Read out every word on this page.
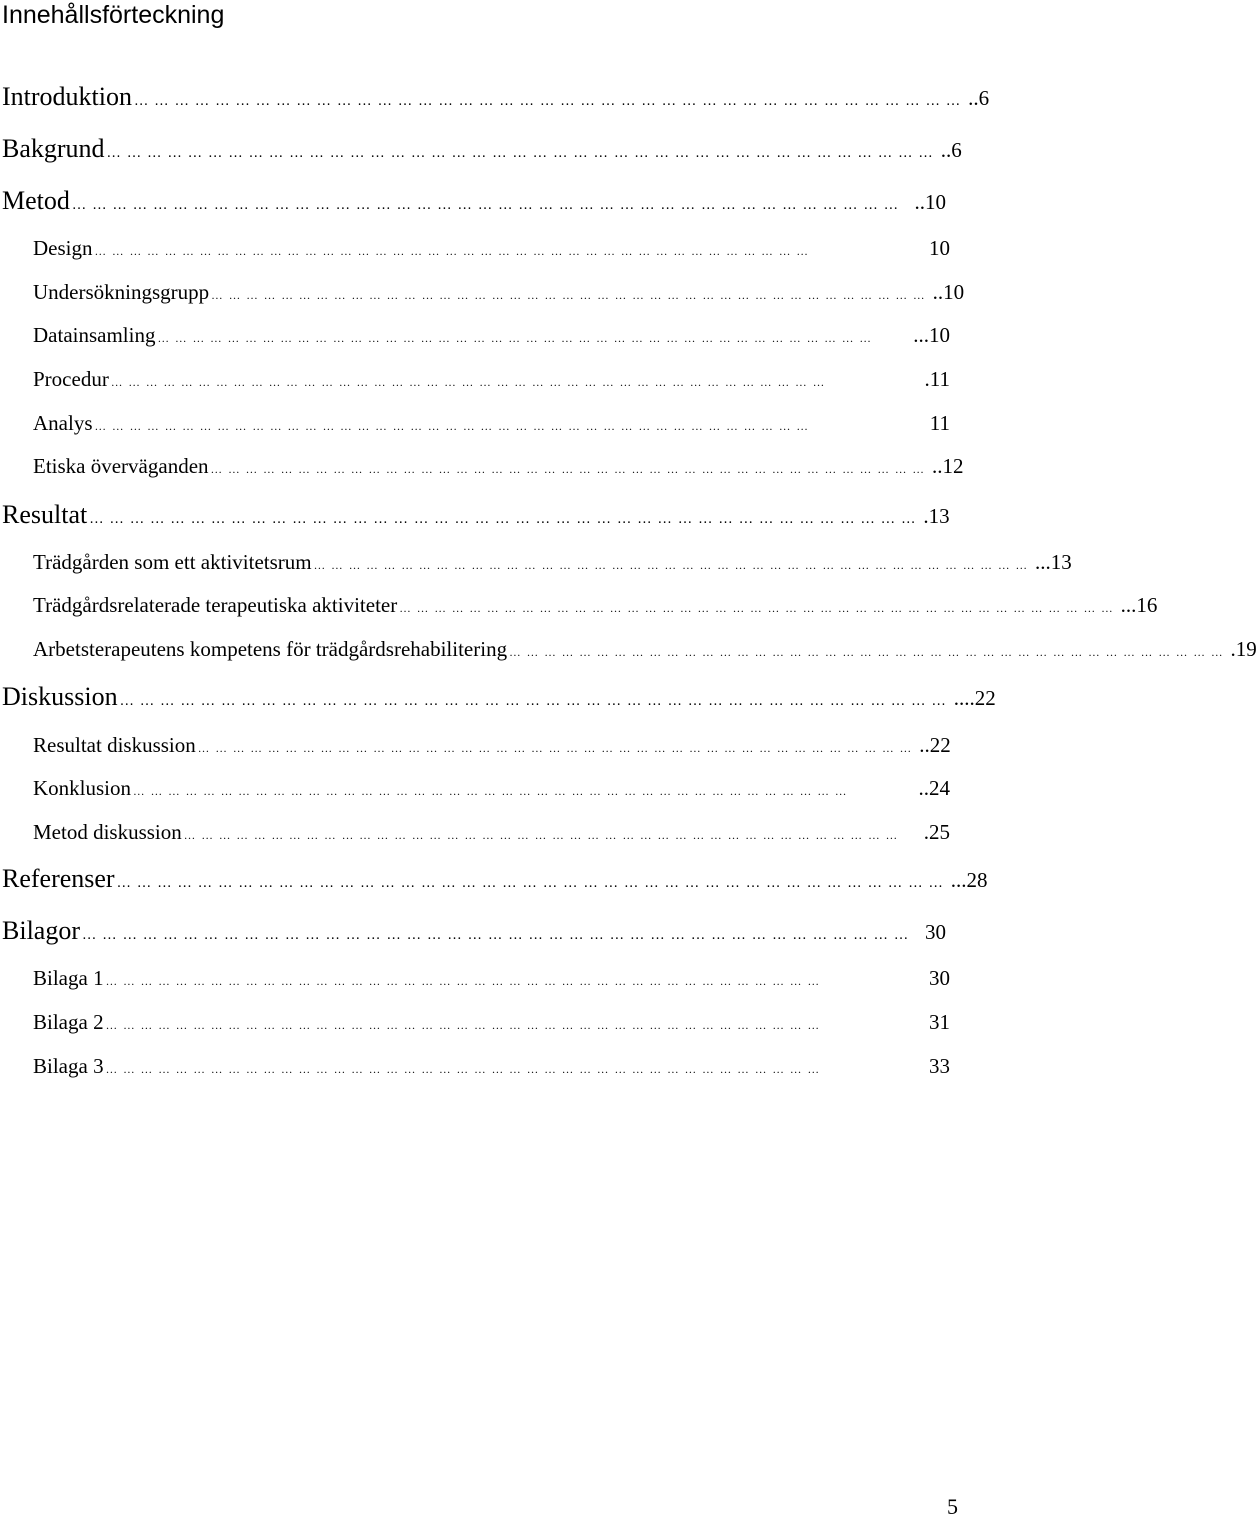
Innehållsförteckning
Introduktion …………………………………………………………………………………………………………… ..6
Bakgrund …………………………………………………………………………………………………………… ..6
Metod …………………………………………………………………………………………………………… ..10
Design ……………………………………………………………………………………………………………	10
Undersökningsgrupp …………………………………………………………………………………………………………… ..10
Datainsamling ……………………………………………………………………………………………………………	...10
Procedur ……………………………………………………………………………………………………………	.11
Analys ……………………………………………………………………………………………………………	11
Etiska överväganden …………………………………………………………………………………………………………… ..12
Resultat …………………………………………………………………………………………………………… .13
Trädgården som ett aktivitetsrum …………………………………………………………………………………………………………… ...13
Trädgårdsrelaterade terapeutiska aktiviteter …………………………………………………………………………………………………………… ...16
Arbetsterapeutens kompetens för trädgårdsrehabilitering …………………………………………………………………………………………………………… .19
Diskussion …………………………………………………………………………………………………………… ....22
Resultat diskussion …………………………………………………………………………………………………………… ..22
Konklusion ……………………………………………………………………………………………………………	..24
Metod diskussion …………………………………………………………………………………………………………… .25
Referenser …………………………………………………………………………………………………………… ...28
Bilagor …………………………………………………………………………………………………………… 30
Bilaga 1 ……………………………………………………………………………………………………………	30
Bilaga 2 ……………………………………………………………………………………………………………	31
Bilaga 3 ……………………………………………………………………………………………………………	33
5
